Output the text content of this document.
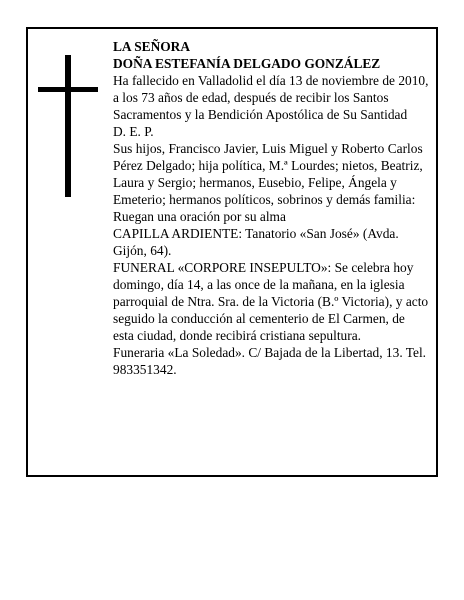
LA SEÑORA

DOÑA ESTEFANÍA DELGADO GONZÁLEZ

Ha fallecido en Valladolid el día 13 de noviembre de 2010, a los 73 años de edad, después de recibir los Santos Sacramentos y la Bendición Apostólica de Su Santidad

D. E. P.

Sus hijos, Francisco Javier, Luis Miguel y Roberto Carlos Pérez Delgado; hija política, M.ª Lourdes; nietos, Beatriz, Laura y Sergio; hermanos, Eusebio, Felipe, Ángela y Emeterio; hermanos políticos, sobrinos y demás familia:

Ruegan una oración por su alma

CAPILLA ARDIENTE: Tanatorio «San José» (Avda. Gijón, 64).

FUNERAL «CORPORE INSEPULTO»: Se celebra hoy domingo, día 14, a las once de la mañana, en la iglesia parroquial de Ntra. Sra. de la Victoria (B.º Victoria), y acto seguido la conducción al cementerio de El Carmen, de esta ciudad, donde recibirá cristiana sepultura.

Funeraria «La Soledad». C/ Bajada de la Libertad, 13. Tel. 983351342.
